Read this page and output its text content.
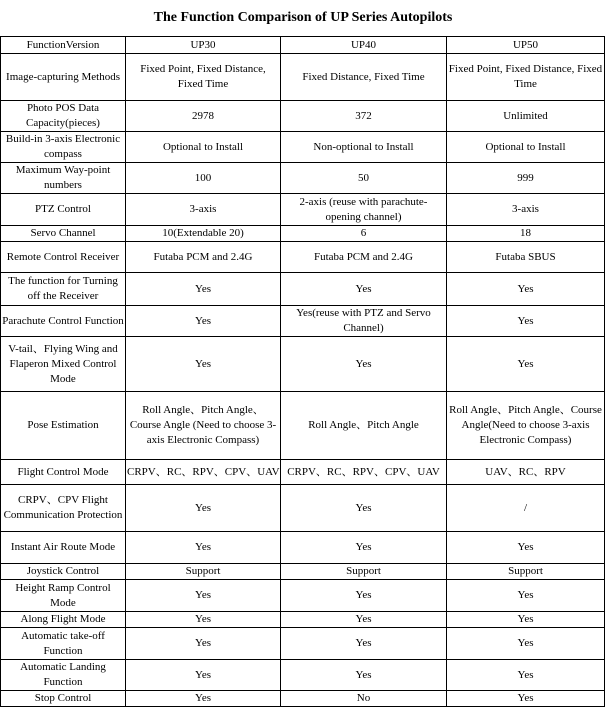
The Function Comparison of UP Series Autopilots
FunctionVersion	UP30	UP40	UP50
Image-capturing Methods	Fixed Point, Fixed Distance, Fixed Time	Fixed Distance, Fixed Time	Fixed Point, Fixed Distance, Fixed Time
Photo POS Data Capacity(pieces)	2978	372	Unlimited
Build-in 3-axis Electronic compass	Optional to Install	Non-optional to Install	Optional to Install
Maximum Way-point numbers	100	50	999
PTZ Control	3-axis	2-axis (reuse with parachute-opening channel)	3-axis
Servo Channel	10(Extendable 20)	6	18
Remote Control Receiver	Futaba PCM and 2.4G	Futaba PCM and 2.4G	Futaba SBUS
The function for Turning off the Receiver	Yes	Yes	Yes
Parachute Control Function	Yes	Yes(reuse with PTZ and Servo Channel)	Yes
V-tail、Flying Wing and Flaperon Mixed Control Mode	Yes	Yes	Yes
Pose Estimation	Roll Angle、Pitch Angle、Course Angle (Need to choose 3-axis Electronic Compass)	Roll Angle、Pitch Angle	Roll Angle、Pitch Angle、Course Angle(Need to choose 3-axis Electronic Compass)
Flight Control Mode	CRPV、RC、RPV、CPV、UAV	CRPV、RC、RPV、CPV、UAV	UAV、RC、RPV
CRPV、CPV Flight Communication Protection	Yes	Yes	/
Instant Air Route Mode	Yes	Yes	Yes
Joystick Control	Support	Support	Support
Height Ramp Control Mode	Yes	Yes	Yes
Along Flight Mode	Yes	Yes	Yes
Automatic take-off Function	Yes	Yes	Yes
Automatic Landing Function	Yes	Yes	Yes
Stop Control	Yes	No	Yes
